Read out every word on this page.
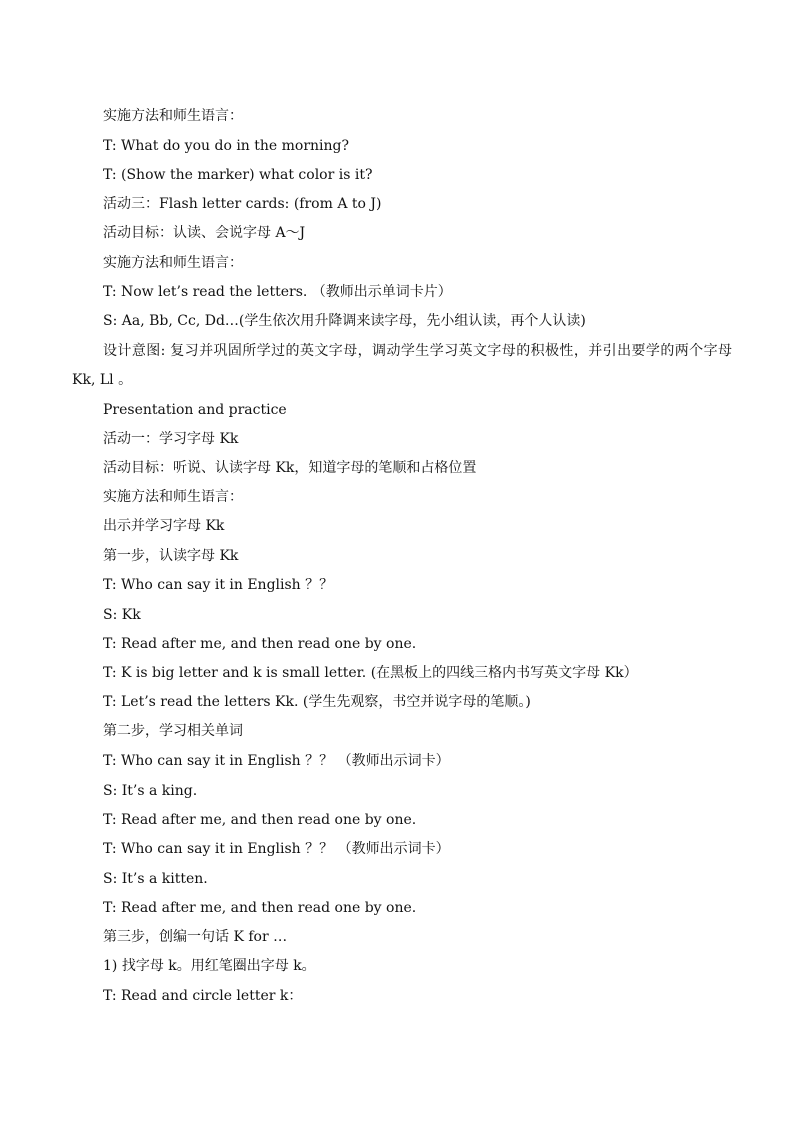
实施方法和师生语言：
T: What do you do in the morning?
T: (Show the marker) what color is it?
活动三：Flash letter cards: (from A to J)
活动目标：认读、会说字母 A～J
实施方法和师生语言：
T: Now let’s read the letters. （教师出示单词卡片）
S: Aa, Bb, Cc, Dd…(学生依次用升降调来读字母，先小组认读，再个人认读)
设计意图: 复习并巩固所学过的英文字母，调动学生学习英文字母的积极性，并引出要学的两个字母 Kk, Ll 。
Presentation and practice
活动一：学习字母 Kk
活动目标：听说、认读字母 Kk，知道字母的笔顺和占格位置
实施方法和师生语言：
出示并学习字母 Kk
第一步，认读字母 Kk
T: Who can say it in English ？？
S: Kk
T: Read after me, and then read one by one.
T: K is big letter and k is small letter. (在黑板上的四线三格内书写英文字母 Kk）
T: Let’s read the letters Kk. (学生先观察，书空并说字母的笔顺。)
第二步，学习相关单词
T: Who can say it in English ？？ （教师出示词卡）
S: It’s a king.
T: Read after me, and then read one by one.
T: Who can say it in English ？？ （教师出示词卡）
S: It’s a kitten.
T: Read after me, and then read one by one.
第三步，创编一句话 K for …
1) 找字母 k。用红笔圈出字母 k。
T: Read and circle letter k：
